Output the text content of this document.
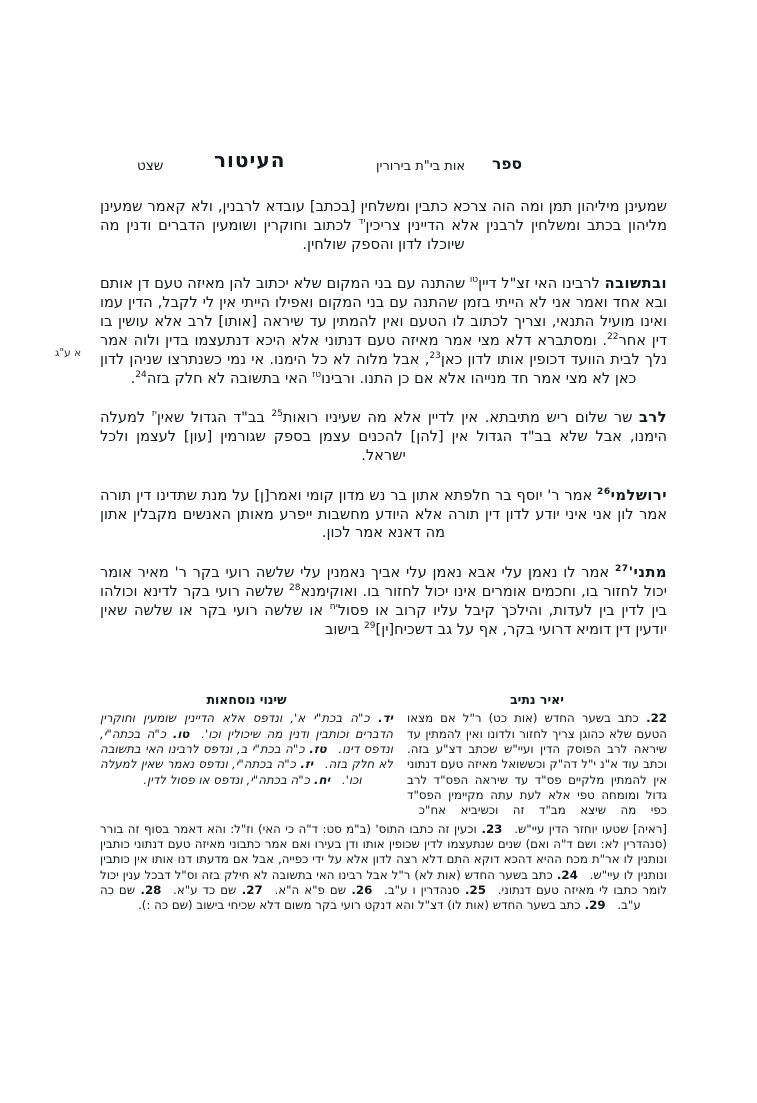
שצט	העיטור	אות בי"ת בירורין ספר
א ע"ג

שמעינן מיליהון תמן ומה הוה צרכא כתבין ומשלחין [בכתב] עובדא לרבנין, ולא קאמר שמעינן מליהון בכתב ומשלחין לרבנין אלא הדיינין צריכין$^{יד}$ לכתוב וחוקרין ושומעין הדברים ודנין מה שיוכלו לדון והספק שולחין.

ובתשובה לרבינו האי זצ"ל דיין$^{טו}$ שהתנה עם בני המקום שלא יכתוב להן מאיזה טעם דן אותם ובא אחד ואמר אני לא הייתי בזמן שהתנה עם בני המקום ואפילו הייתי אין לי לקבל, הדין עמו ואינו מועיל התנאי, וצריך לכתוב לו הטעם ואין להמתין עד שיראה [אותו] לרב אלא עושין בו דין אחר$^{22}$. ומסתברא דלא מצי אמר מאיזה טעם דנתוני אלא היכא דנתעצמו בדין ולוה אמר נלך לבית הוועד דכופין אותו לדון כאן$^{23}$, אבל מלוה לא כל הימנו. אי נמי כשנתרצו שניהן לדון כאן לא מצי אמר חד מנייהו אלא אם כן התנו. ורבינו$^{טז}$ האי בתשובה לא חלק בזה$^{24}$.

לרב שר שלום ריש מתיבתא. אין לדיין אלא מה שעיניו רואות$^{25}$ בב"ד הגדול שאין$^{יז}$ למעלה הימנו, אבל שלא בב"ד הגדול אין [להן] להכנים עצמן בספק שגורמין [עון] לעצמן ולכל ישראל.

ירושלמי$^{26}$ אמר ר' יוסף בר חלפתא אתון בר נש מדון קומי ואמר[ן] על מנת שתדינו דין תורה אמר לון אני איני יודע לדון דין תורה אלא היודע מחשבות ייפרע מאותן האנשים מקבלין אתון מה דאנא אמר לכון.

$מתני'^{27}$ אמר לו נאמן עלי אבא נאמן עלי אביך נאמנין עלי שלשה רועי בקר ר' מאיר אומר יכול לחזור בו, וחכמים אומרים אינו יכול לחזור בו. ואוקימנא$^{28}$ שלשה רועי בקר לדינא וכולהו בין לדין בין לעדות, והילכך קיבל עליו קרוב או פסול$^{יח}$ או שלשה רועי בקר או שלשה שאין יודעין דין דומיא דרועי בקר, אף על גב דשכיח[ין]$^{29}$ בישוב

יאיר נתיב
22. כתב בשער החדש (אות כט) ר"ל אם מצאו הטעם שלא כהוגן צריך לחזור ולדונו ואין להמתין עד שיראה לרב הפוסק הדין ועיי"ש שכתב דצ"ע בזה. וכתב עוד א"נ י"ל דה"ק וכששואל מאיזה טעם דנתוני אין להמתין מלקיים פס"ד עד שיראה הפס"ד לרב גדול ומומחה טפי אלא לעת עתה מקיימין הפס"ד כפי מה שיצא מב"ד זה וכשיביא אח"כ  
שינוי נוסחאות
יד. כ"ה בכת"י א', ונדפס אלא הדיינין שומעין וחוקרין הדברים וכותבין ודנין מה שיכולין וכו'.  טו. כ"ה בכתה"י, ונדפס דינו.  טז. כ"ה בכת"י ב, ונדפס לרבינו האי בתשובה לא חלק בזה.  יז. כ"ה בכתה"י, ונדפס נאמר שאין למעלה וכו'.  יח. כ"ה בכתה"י, ונדפס או פסול לדין.  
[ראיה] שטעו יוחזר הדין עיי"ש.  23. וכעין זה כתבו התוס' (ב"מ סט: ד"ה כי האי) וז"ל: והא דאמר בסוף זה בורר (סנהדרין לא: ושם ד"ה ואם) שנים שנתעצמו לדין שכופין אותו ודן בעירו ואם אמר כתבוני מאיזה טעם דנתוני כותבין ונותנין לו אר"ת מכח ההיא דהכא דוקא התם דלא רצה לדון אלא על ידי כפייה, אבל אם מדעתו דנו אותו אין כותבין ונותנין לו עיי"ש.  24. כתב בשער החדש (אות לא) ר"ל אבל רבינו האי בתשובה לא חילק בזה וס"ל דבכל ענין יכול לומר כתבו לי מאיזה טעם דנתוני.  25. סנהדרין ו ע"ב.  26. שם פ"א ה"א.  27. שם כד ע"א.  28. שם כה ע"ב.  29. כתב בשער החדש (אות לו) דצ"ל והא דנקט רועי בקר משום דלא שכיחי בישוב (שם כה :).  
